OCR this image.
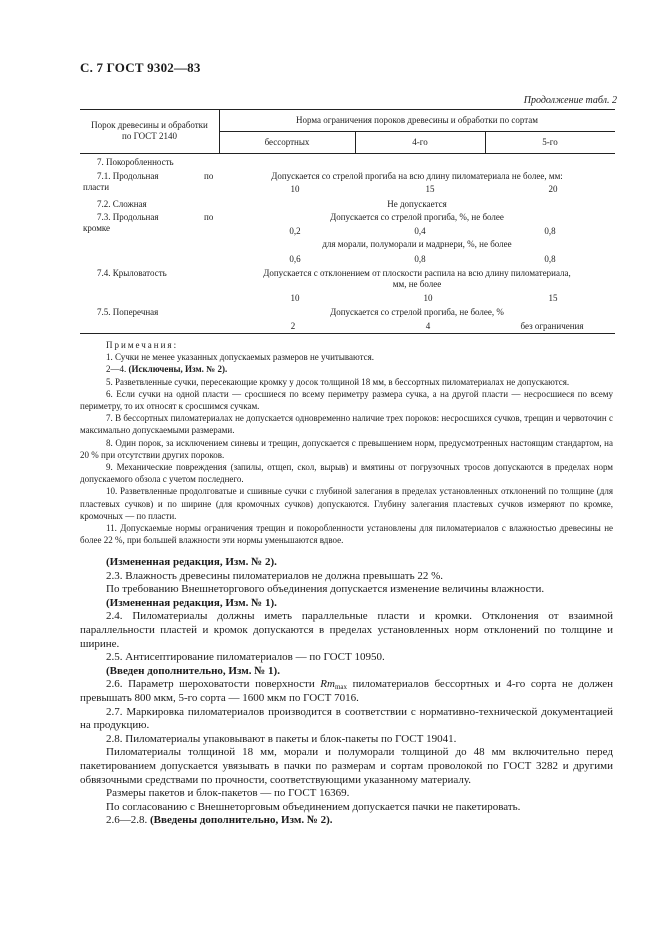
С. 7 ГОСТ 9302—83
Продолжение табл. 2
Порок древесины и обработки
по ГОСТ 2140
Норма ограничения пороков древесины и обработки по сортам
бессортных	4-го	5-го
7. Покоробленность
7.1. Продольная	по
пласти
Допускается со стрелой прогиба на всю длину пиломатериала не более, мм:
10	15	20
7.2. Сложная	Не допускается
7.3. Продольная	по
кромке
Допускается со стрелой прогиба, %, не более
0,2	0,4	0,8
для морали, полуморали и мадрнери, %, не более
0,6	0,8	0,8
7.4. Крыловатость	Допускается с отклонением от плоскости распила на всю длину пиломатериала,
мм, не более
10	10	15
7.5. Поперечная	Допускается со стрелой прогиба, не более, %
2	4	без ограничения

Примечания:

1. Сучки не менее указанных допускаемых размеров не учитываются.

2—4. (Исключены, Изм. № 2).

5. Разветвленные сучки, пересекающие кромку у досок толщиной 18 мм, в бессортных пиломатериалах не допускаются.

6. Если сучки на одной пласти — сросшиеся по всему периметру размера сучка, а на другой пласти — несросшиеся по всему периметру, то их относят к сросшимся сучкам.

7. В бессортных пиломатериалах не допускается одновременно наличие трех пороков: несросшихся сучков, трещин и червоточин с максимально допускаемыми размерами.

8. Один порок, за исключением синевы и трещин, допускается с превышением норм, предусмотренных настоящим стандартом, на 20 % при отсутствии других пороков.

9. Механические повреждения (запилы, отщеп, скол, вырыв) и вмятины от погрузочных тросов допускаются в пределах норм допускаемого обзола с учетом последнего.

10. Разветвленные продолговатые и сшивные сучки с глубиной залегания в пределах установленных отклонений по толщине (для пластевых сучков) и по ширине (для кромочных сучков) допускаются. Глубину залегания пластевых сучков измеряют по кромке, кромочных — по пласти.

11. Допускаемые нормы ограничения трещин и покоробленности установлены для пиломатериалов с влажностью древесины не более 22 %, при большей влажности эти нормы уменьшаются вдвое.

(Измененная редакция, Изм. № 2).

2.3. Влажность древесины пиломатериалов не должна превышать 22 %.

По требованию Внешнеторгового объединения допускается изменение величины влажности.

(Измененная редакция, Изм. № 1).

2.4. Пиломатериалы должны иметь параллельные пласти и кромки. Отклонения от взаимной параллельности пластей и кромок допускаются в пределах установленных норм отклонений по толщине и ширине.

2.5. Антисептирование пиломатериалов — по ГОСТ 10950.

(Введен дополнительно, Изм. № 1).

2.6. Параметр шероховатости поверхности $Rm_{max}$ пиломатериалов бессортных и 4-го сорта не должен превышать 800 мкм, 5-го сорта — 1600 мкм по ГОСТ 7016.

2.7. Маркировка пиломатериалов производится в соответствии с нормативно-технической документацией на продукцию.

2.8. Пиломатериалы упаковывают в пакеты и блок-пакеты по ГОСТ 19041.

Пиломатериалы толщиной 18 мм, морали и полуморали толщиной до 48 мм включительно перед пакетированием допускается увязывать в пачки по размерам и сортам проволокой по ГОСТ 3282 и другими обвязочными средствами по прочности, соответствующими указанному материалу.

Размеры пакетов и блок-пакетов — по ГОСТ 16369.

По согласованию с Внешнеторговым объединением допускается пачки не пакетировать.

2.6—2.8. (Введены дополнительно, Изм. № 2).
